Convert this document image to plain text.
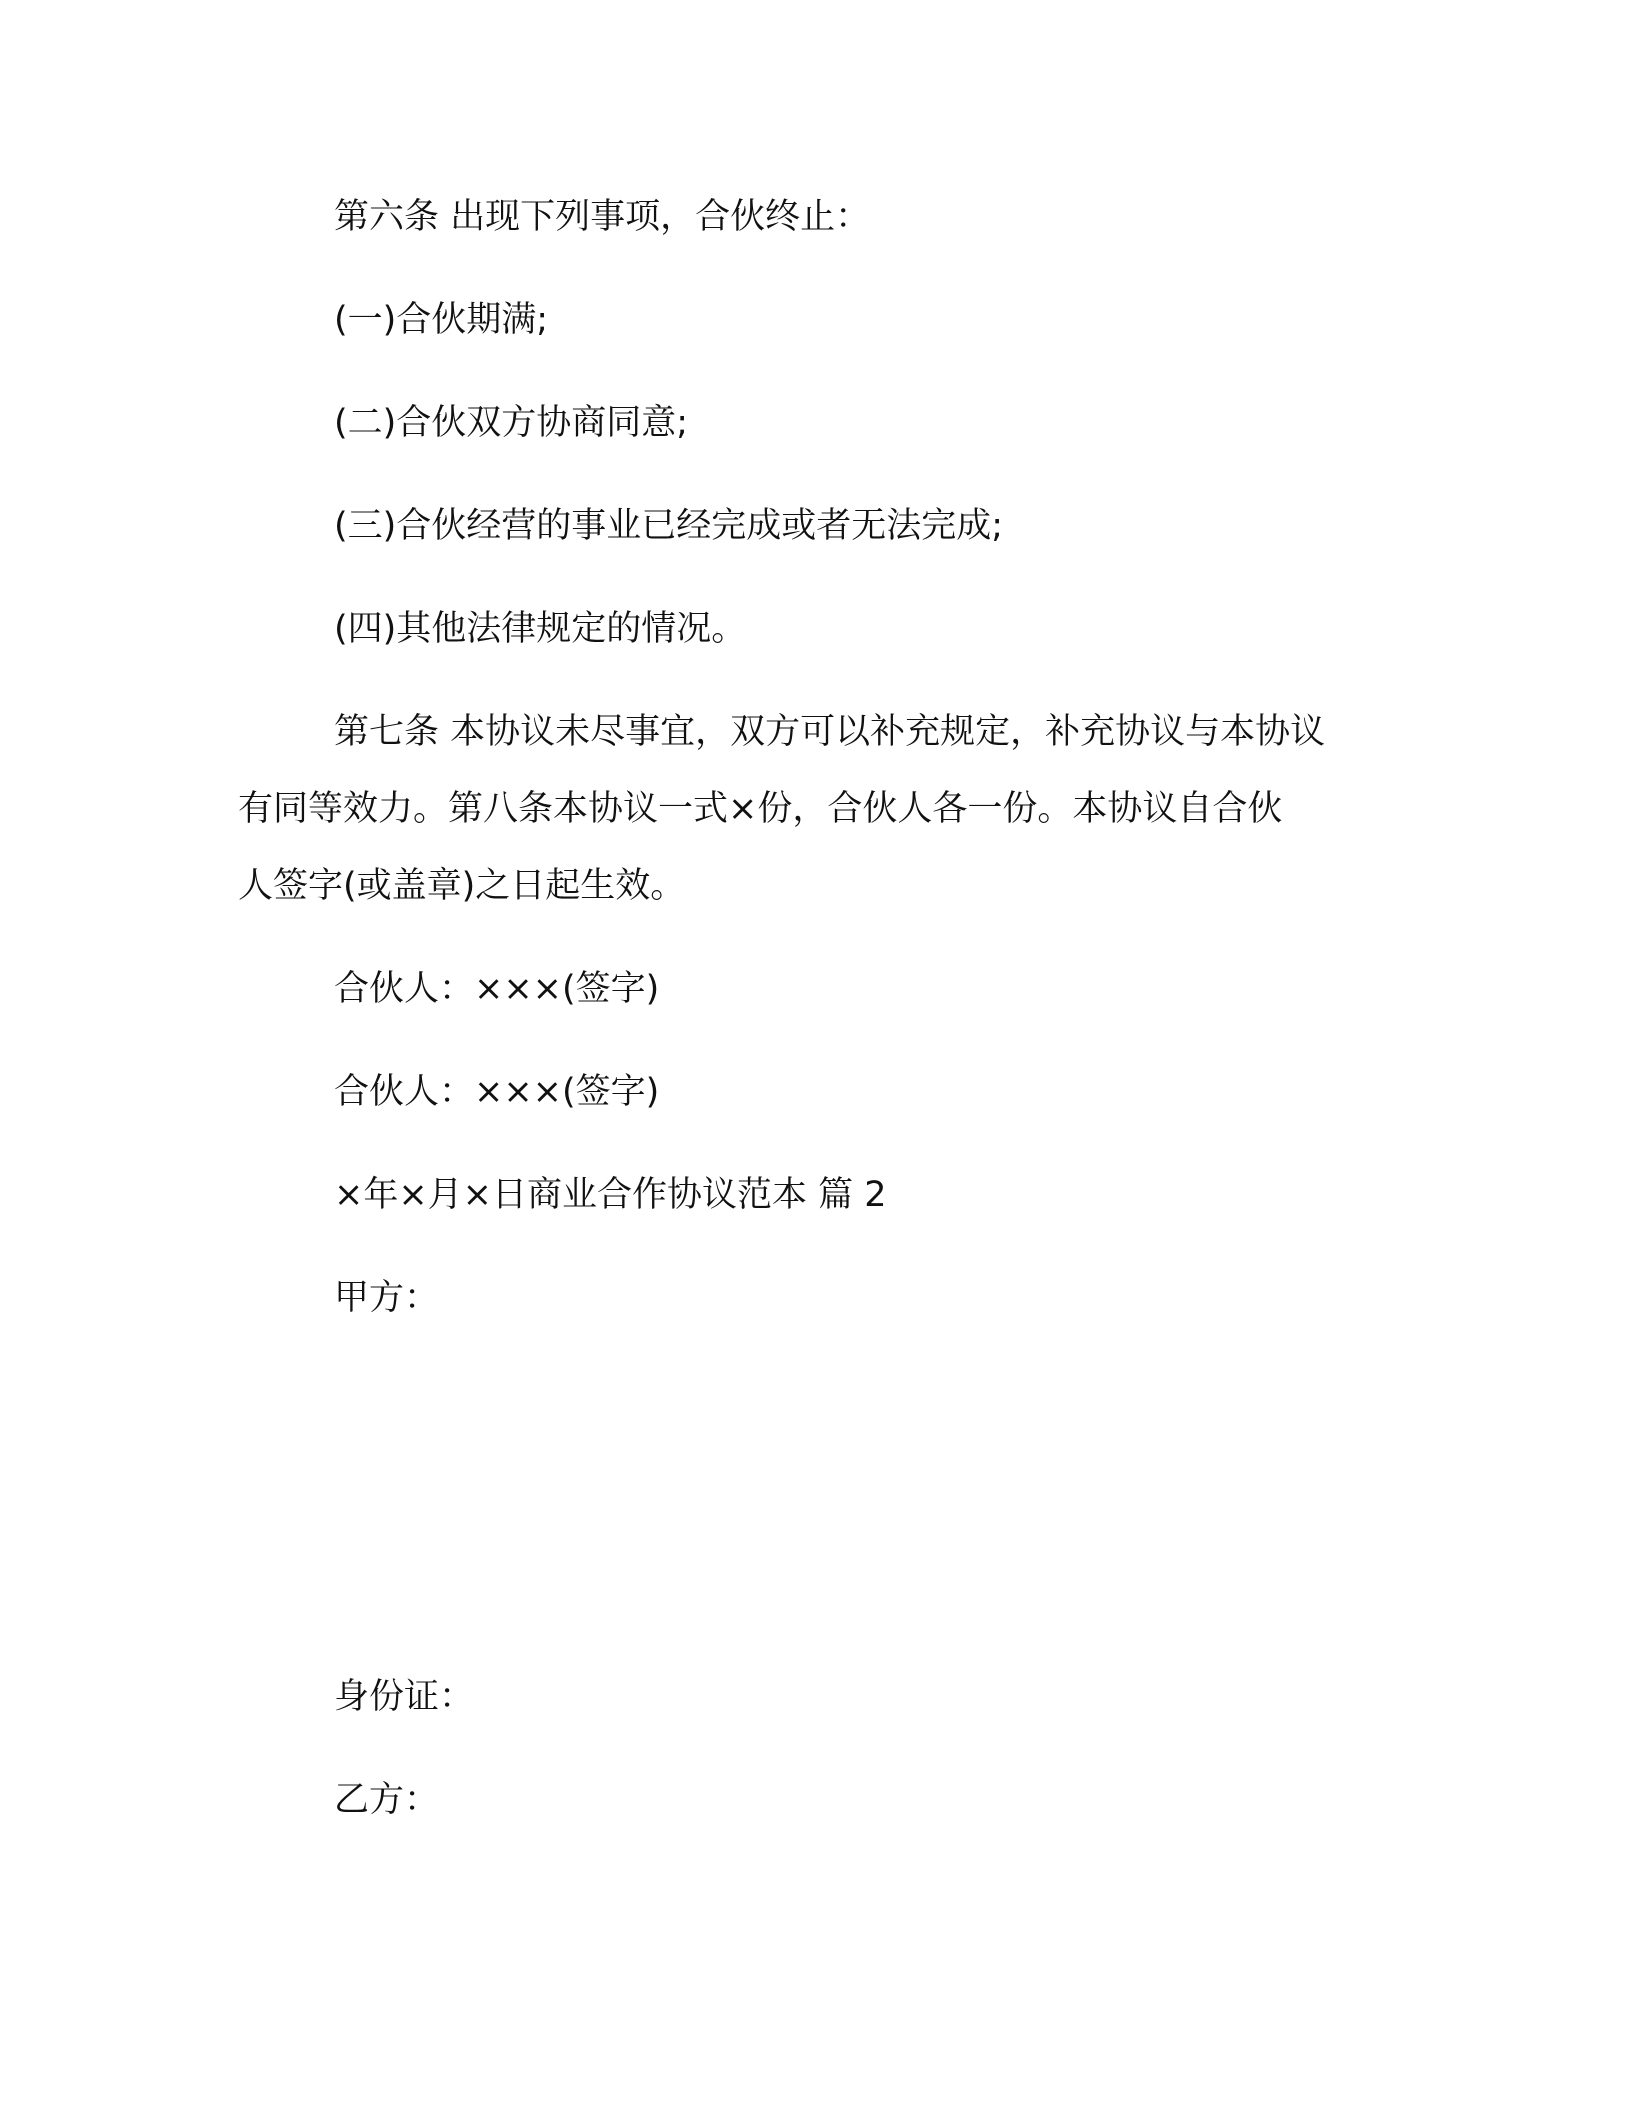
第六条 出现下列事项，合伙终止：
(一)合伙期满;
(二)合伙双方协商同意;
(三)合伙经营的事业已经完成或者无法完成;
(四)其他法律规定的情况。
第七条 本协议未尽事宜，双方可以补充规定，补充协议与本协议
有同等效力。第八条本协议一式×份，合伙人各一份。本协议自合伙
人签字(或盖章)之日起生效。
合伙人：×××(签字)
合伙人：×××(签字)
×年×月×日商业合作协议范本 篇 2
甲方：
身份证：
乙方：
